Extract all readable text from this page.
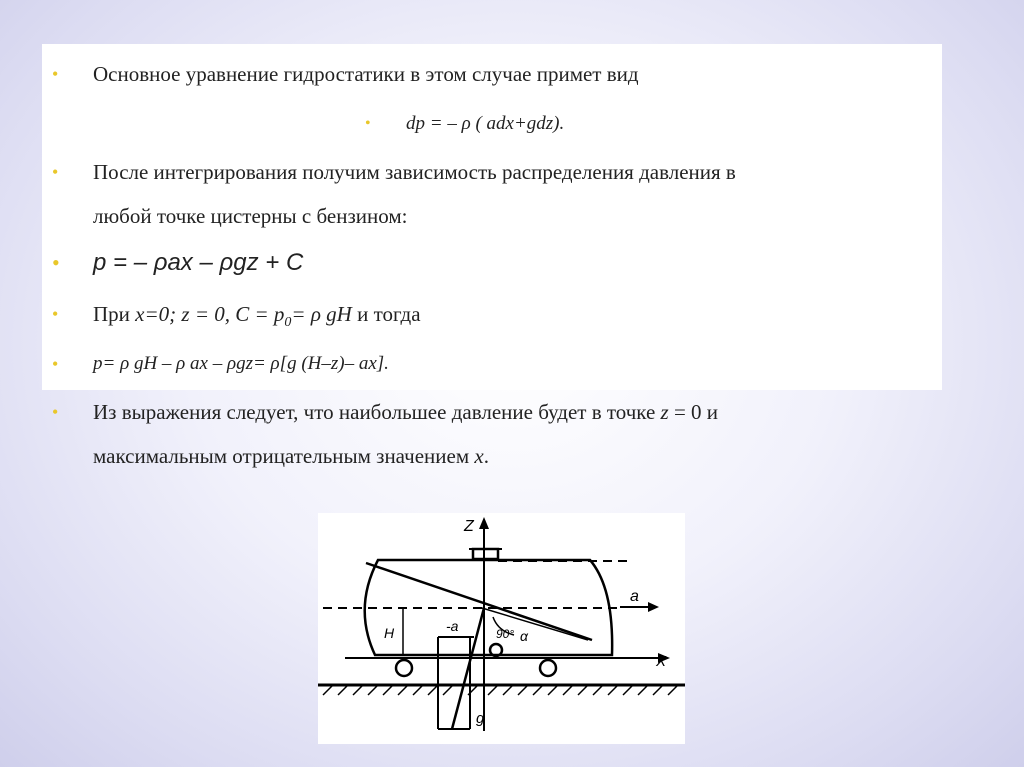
• Основное уравнение гидростатики в этом случае примет вид
• dp = – ρ ( adx+gdz).
• После интегрирования получим зависимость распределения давления в
любой точке цистерны с бензином:
• p = – ρax – ρgz + C
• При x=0; z = 0, $C = p_0= \rho$ gH и тогда
• p= ρ gH – ρ ax – ρgz= ρ[g (H–z)– ax].
• Из выражения следует, что наибольшее давление будет в точке z = 0 и
максимальным отрицательным значением x.
Z
X
a
-a
H	90° α
g
